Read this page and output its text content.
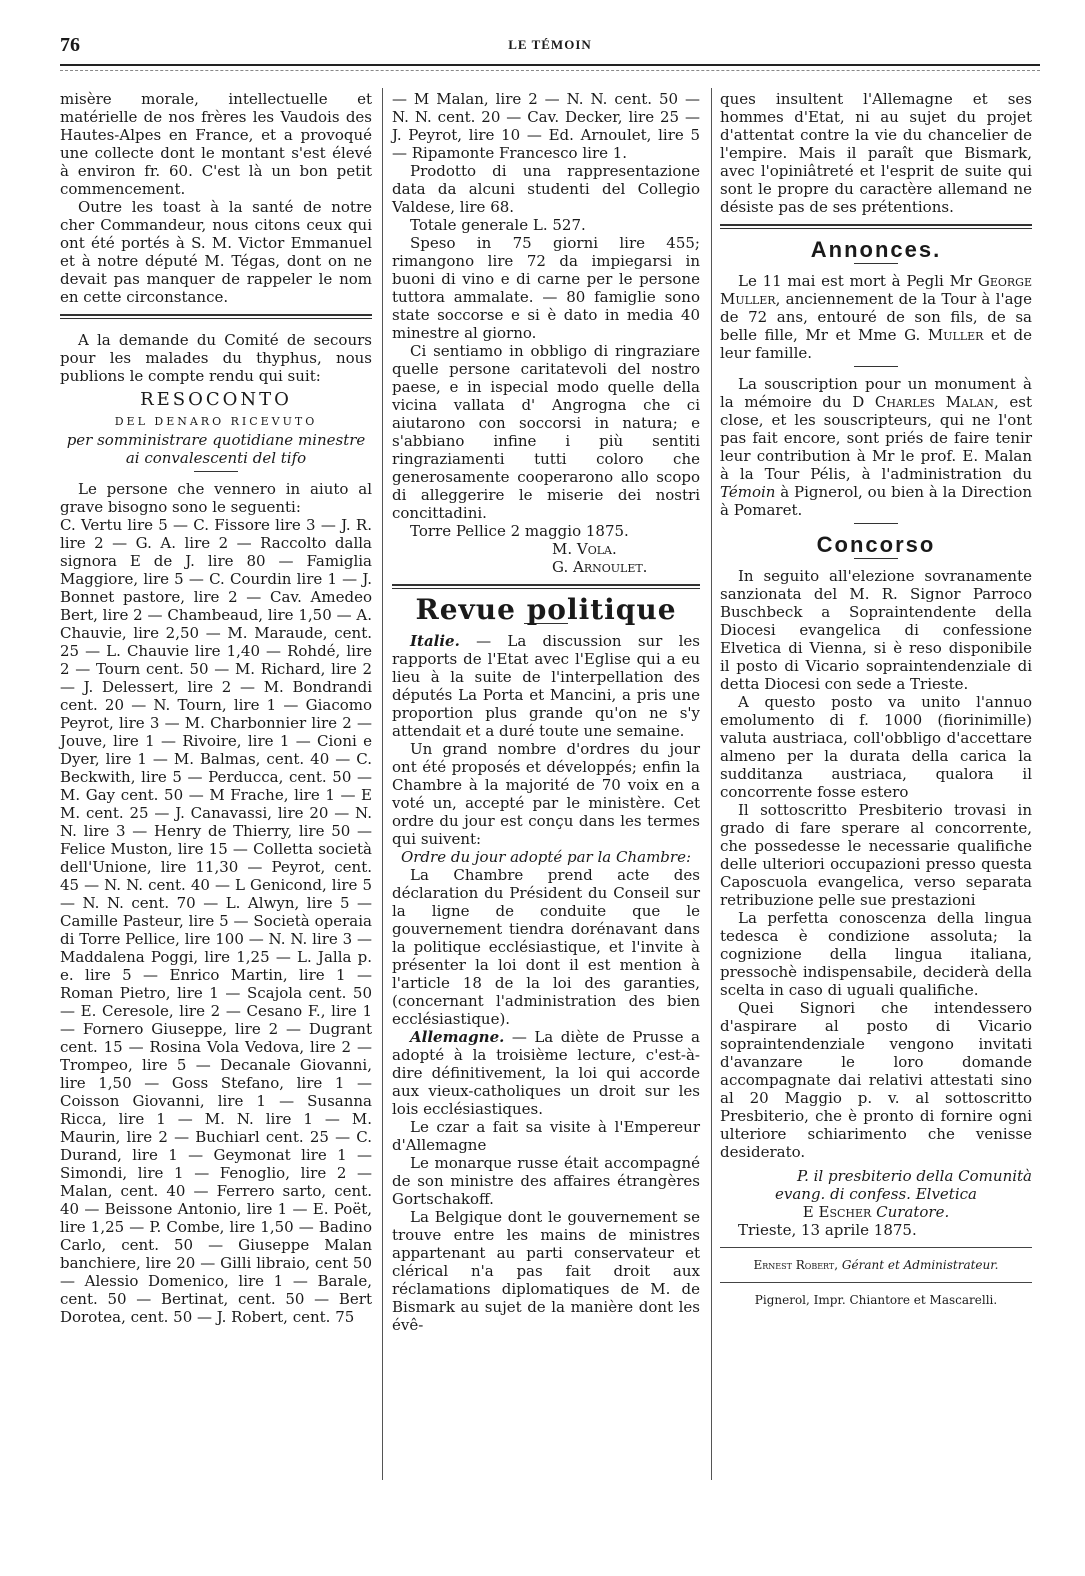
76	LE TÉMOIN

misère morale, intellectuelle et matérielle de nos frères les Vaudois des Hautes-Alpes en France, et a provoqué une collecte dont le montant s'est élevé à environ fr. 60. C'est là un bon petit commencement.

Outre les toast à la santé de notre cher Commandeur, nous citons ceux qui ont été portés à S. M. Victor Emmanuel et à notre député M. Tégas, dont on ne devait pas manquer de rappeler le nom en cette circonstance.

A la demande du Comité de secours pour les malades du thyphus, nous publions le compte rendu qui suit:

RESOCONTO
DEL DENARO RICEVUTO
per somministrare quotidiane minestre ai convalescenti del tifo

Le persone che vennero in aiuto al grave bisogno sono le seguenti:

C. Vertu lire 5 — C. Fissore lire 3 — J. R. lire 2 — G. A. lire 2 — Raccolto dalla signora E de J. lire 80 — Famiglia Maggiore, lire 5 — C. Courdin lire 1 — J. Bonnet pastore, lire 2 — Cav. Amedeo Bert, lire 2 — Chambeaud, lire 1,50 — A. Chauvie, lire 2,50 — M. Maraude, cent. 25 — L. Chauvie lire 1,40 — Rohdé, lire 2 — Tourn cent. 50 — M. Richard, lire 2 — J. Delessert, lire 2 — M. Bondrandi cent. 20 — N. Tourn, lire 1 — Giacomo Peyrot, lire 3 — M. Charbonnier lire 2 — Jouve, lire 1 — Rivoire, lire 1 — Cioni e Dyer, lire 1 — M. Balmas, cent. 40 — C. Beckwith, lire 5 — Perducca, cent. 50 — M. Gay cent. 50 — M Frache, lire 1 — E M. cent. 25 — J. Canavassi, lire 20 — N. N. lire 3 — Henry de Thierry, lire 50 — Felice Muston, lire 15 — Colletta società dell'Unione, lire 11,30 — Peyrot, cent. 45 — N. N. cent. 40 — L Genicond, lire 5 — N. N. cent. 70 — L. Alwyn, lire 5 — Camille Pasteur, lire 5 — Società operaia di Torre Pellice, lire 100 — N. N. lire 3 — Maddalena Poggi, lire 1,25 — L. Jalla p. e. lire 5 — Enrico Martin, lire 1 — Roman Pietro, lire 1 — Scajola cent. 50 — E. Ceresole, lire 2 — Cesano F., lire 1 — Fornero Giuseppe, lire 2 — Dugrant cent. 15 — Rosina Vola Vedova, lire 2 — Trompeo, lire 5 — Decanale Giovanni, lire 1,50 — Goss Stefano, lire 1 — Coisson Giovanni, lire 1 — Susanna Ricca, lire 1 — M. N. lire 1 — M. Maurin, lire 2 — Buchiarl cent. 25 — C. Durand, lire 1 — Geymonat lire 1 — Simondi, lire 1 — Fenoglio, lire 2 — Malan, cent. 40 — Ferrero sarto, cent. 40 — Beissone Antonio, lire 1 — E. Poët, lire 1,25 — P. Combe, lire 1,50 — Badino Carlo, cent. 50 — Giuseppe Malan banchiere, lire 20 — Gilli libraio, cent 50 — Alessio Domenico, lire 1 — Barale, cent. 50 — Bertinat, cent. 50 — Bert Dorotea, cent. 50 — J. Robert, cent. 75

— M Malan, lire 2 — N. N. cent. 50 — N. N. cent. 20 — Cav. Decker, lire 25 — J. Peyrot, lire 10 — Ed. Arnoulet, lire 5 — Ripamonte Francesco lire 1.

Prodotto di una rappresentazione data da alcuni studenti del Collegio Valdese, lire 68.

Totale generale L. 527.

Speso in 75 giorni lire 455; rimangono lire 72 da impiegarsi in buoni di vino e di carne per le persone tuttora ammalate. — 80 famiglie sono state soccorse e si è dato in media 40 minestre al giorno.

Ci sentiamo in obbligo di ringraziare quelle persone caritatevoli del nostro paese, e in ispecial modo quelle della vicina vallata d' Angrogna che ci aiutarono con soccorsi in natura; e s'abbiano infine i più sentiti ringraziamenti tutti coloro che generosamente cooperarono allo scopo di alleggerire le miserie dei nostri concittadini.

Torre Pellice 2 maggio 1875.

M. Vola.

G. Arnoulet.

Revue politique

Italie. — La discussion sur les rapports de l'Etat avec l'Eglise qui a eu lieu à la suite de l'interpellation des députés La Porta et Mancini, a pris une proportion plus grande qu'on ne s'y attendait et a duré toute une semaine.

Un grand nombre d'ordres du jour ont été proposés et développés; enfin la Chambre à la majorité de 70 voix en a voté un, accepté par le ministère. Cet ordre du jour est conçu dans les termes qui suivent:

Ordre du jour adopté par la Chambre:

La Chambre prend acte des déclaration du Président du Conseil sur la ligne de conduite que le gouvernement tiendra dorénavant dans la politique ecclésiastique, et l'invite à présenter la loi dont il est mention à l'article 18 de la loi des garanties, (concernant l'administration des bien ecclésiastique).

Allemagne. — La diète de Prusse a adopté à la troisième lecture, c'est-à-dire définitivement, la loi qui accorde aux vieux-catholiques un droit sur les lois ecclésiastiques.

Le czar a fait sa visite à l'Empereur d'Allemagne

Le monarque russe était accompagné de son ministre des affaires étrangères Gortschakoff.

La Belgique dont le gouvernement se trouve entre les mains de ministres appartenant au parti conservateur et clérical n'a pas fait droit aux réclamations diplomatiques de M. de Bismark au sujet de la manière dont les évê-

ques insultent l'Allemagne et ses hommes d'Etat, ni au sujet du projet d'attentat contre la vie du chancelier de l'empire. Mais il paraît que Bismark, avec l'opiniâtreté et l'esprit de suite qui sont le propre du caractère allemand ne désiste pas de ses prétentions.

Annonces.

Le 11 mai est mort à Pegli Mr George Muller, anciennement de la Tour à l'age de 72 ans, entouré de son fils, de sa belle fille, Mr et Mme G. Muller et de leur famille.

La souscription pour un monument à la mémoire du D Charles Malan, est close, et les souscripteurs, qui ne l'ont pas fait encore, sont priés de faire tenir leur contribution à Mr le prof. E. Malan à la Tour Pélis, à l'administration du Témoin à Pignerol, ou bien à la Direction à Pomaret.

Concorso

In seguito all'elezione sovranamente sanzionata del M. R. Signor Parroco Buschbeck a Sopraintendente della Diocesi evangelica di confessione Elvetica di Vienna, si è reso disponibile il posto di Vicario sopraintendenziale di detta Diocesi con sede a Trieste.

A questo posto va unito l'annuo emolumento di f. 1000 (fiorinimille) valuta austriaca, coll'obbligo d'accettare almeno per la durata della carica la sudditanza austriaca, qualora il concorrente fosse estero

Il sottoscritto Presbiterio trovasi in grado di fare sperare al concorrente, che possedesse le necessarie qualifiche delle ulteriori occupazioni presso questa Caposcuola evangelica, verso separata retribuzione pelle sue prestazioni

La perfetta conoscenza della lingua tedesca è condizione assoluta; la cognizione della lingua italiana, pressochè indispensabile, deciderà della scelta in caso di uguali qualifiche.

Quei Signori che intendessero d'aspirare al posto di Vicario sopraintendenziale vengono invitati d'avanzare le loro domande accompagnate dai relativi attestati sino al 20 Maggio p. v. al sottoscritto Presbiterio, che è pronto di fornire ogni ulteriore schiarimento che venisse desiderato.

P. il presbiterio della Comunità

evang. di confess. Elvetica

E Escher Curatore.

Trieste, 13 aprile 1875.

Ernest Robert, Gérant et Administrateur.

Pignerol, Impr. Chiantore et Mascarelli.
